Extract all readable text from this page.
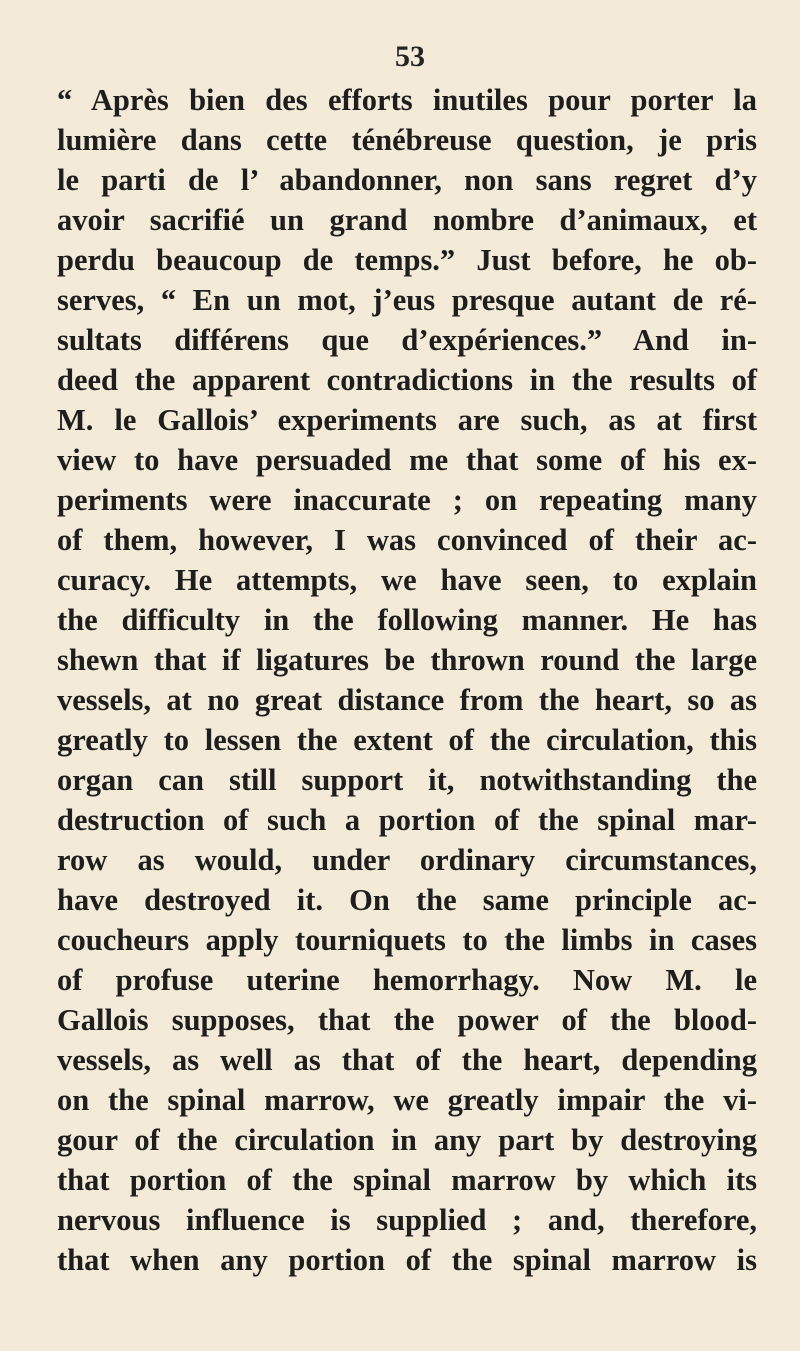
53
“ Après bien des efforts inutiles pour porter la
lumière dans cette ténébreuse question, je pris
le parti de l’ abandonner, non sans regret d’y
avoir sacrifié un grand nombre d’animaux, et
perdu beaucoup de temps.” Just before, he ob-
serves, “ En un mot, j’eus presque autant de ré-
sultats différens que d’expériences.” And in-
deed the apparent contradictions in the results of
M. le Gallois’ experiments are such, as at first
view to have persuaded me that some of his ex-
periments were inaccurate ; on repeating many
of them, however, I was convinced of their ac-
curacy. He attempts, we have seen, to explain
the difficulty in the following manner. He has
shewn that if ligatures be thrown round the large
vessels, at no great distance from the heart, so as
greatly to lessen the extent of the circulation, this
organ can still support it, notwithstanding the
destruction of such a portion of the spinal mar-
row as would, under ordinary circumstances,
have destroyed it. On the same principle ac-
coucheurs apply tourniquets to the limbs in cases
of profuse uterine hemorrhagy. Now M. le
Gallois supposes, that the power of the blood-
vessels, as well as that of the heart, depending
on the spinal marrow, we greatly impair the vi-
gour of the circulation in any part by destroying
that portion of the spinal marrow by which its
nervous influence is supplied ; and, therefore,
that when any portion of the spinal marrow is
